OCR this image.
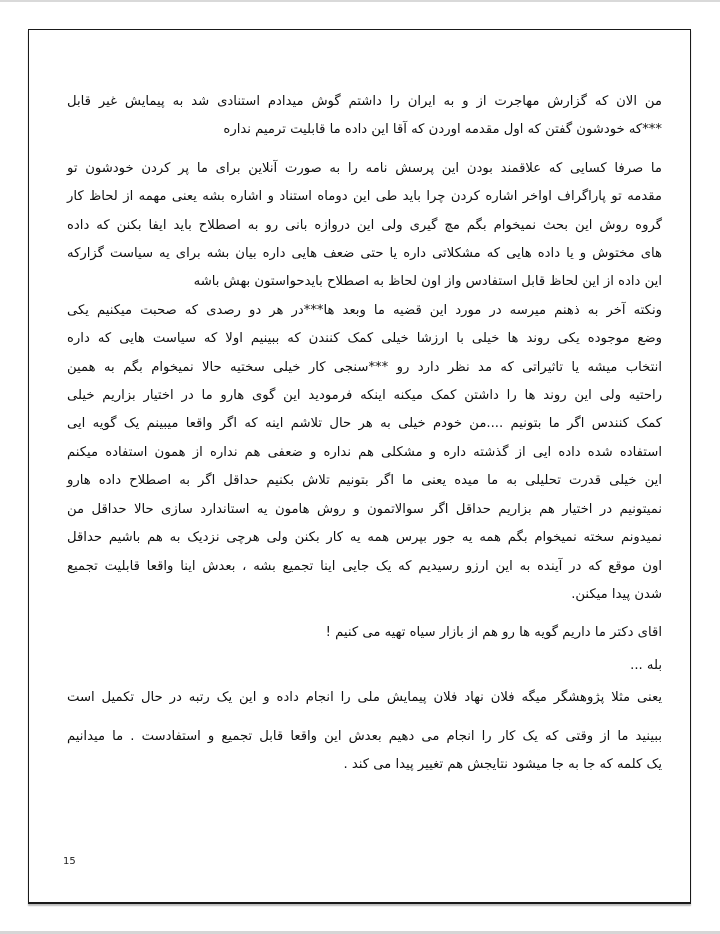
من الان که گزارش مهاجرت از و به ایران را داشتم گوش میدادم استنادی شد به پیمایش غیر قابل
***که خودشون گفتن که اول مقدمه اوردن که آقا این داده ما قابلیت ترمیم نداره
ما صرفا کسایی که علاقمند بودن این پرسش نامه را به صورت آنلاین برای ما پر کردن خودشون تو
مقدمه تو پاراگراف اواخر اشاره کردن چرا باید طی این دوماه استناد و اشاره بشه یعنی مهمه از لحاظ کار
گروه روش این بحث نمیخوام بگم مچ گیری ولی این دروازه بانی رو به اصطلاح باید ایفا بکنن که داده
های مختوش و یا داده هایی که مشکلاتی داره یا حتی ضعف هایی داره بیان بشه برای یه سیاست گزارکه
این داده از این لحاظ قابل استفادس واز اون لحاظ به اصطلاح بایدحواستون بهش باشه
ونکته آخر به ذهنم میرسه در مورد این قضیه ما وبعد ها***در هر دو رصدی که صحبت میکنیم یکی
وضع موجوده یکی روند ها خیلی با ارزشا خیلی کمک کنندن که ببینیم اولا که سیاست هایی که داره
انتخاب میشه یا تاثیراتی که مد نظر دارد رو ***سنجی کار خیلی سختیه حالا نمیخوام بگم به همین
راحتیه ولی این روند ها را داشتن کمک میکنه اینکه فرمودید این گوی هارو ما در اختیار بزاریم خیلی
کمک کنندس اگر ما بتونیم ....من خودم خیلی به هر حال تلاشم اینه که اگر واقعا میبینم یک گویه ایی
استفاده شده داده ایی از گذشته داره و مشکلی هم نداره و ضعفی هم نداره از همون استفاده میکنم
این خیلی قدرت تحلیلی به ما میده یعنی ما اگر بتونیم تلاش بکنیم حداقل اگر به اصطلاح داده هارو
نمیتونیم در اختیار هم بزاریم حداقل اگر سوالاتمون و روش هامون یه استاندارد سازی حالا حداقل من
نمیدونم سخته نمیخوام بگم همه یه جور بپرس همه یه کار بکنن ولی هرچی نزدیک به هم باشیم حداقل
اون موقع که در آینده به این ارزو رسیدیم که یک جایی اینا تجمیع بشه ، بعدش اینا واقعا قابلیت تجمیع
شدن پیدا میکنن.
اقای دکتر ما داریم گویه ها رو هم از بازار سیاه تهیه می کنیم !
بله ...
یعنی مثلا پژوهشگر میگه فلان نهاد فلان پیمایش ملی را انجام داده و این یک رتبه در حال تکمیل است
ببینید ما از وقتی که یک کار را انجام می دهیم بعدش این واقعا قابل تجمیع و استفادست . ما میدانیم
یک کلمه که جا به جا میشود نتایجش هم تغییر پیدا می کند .
15
